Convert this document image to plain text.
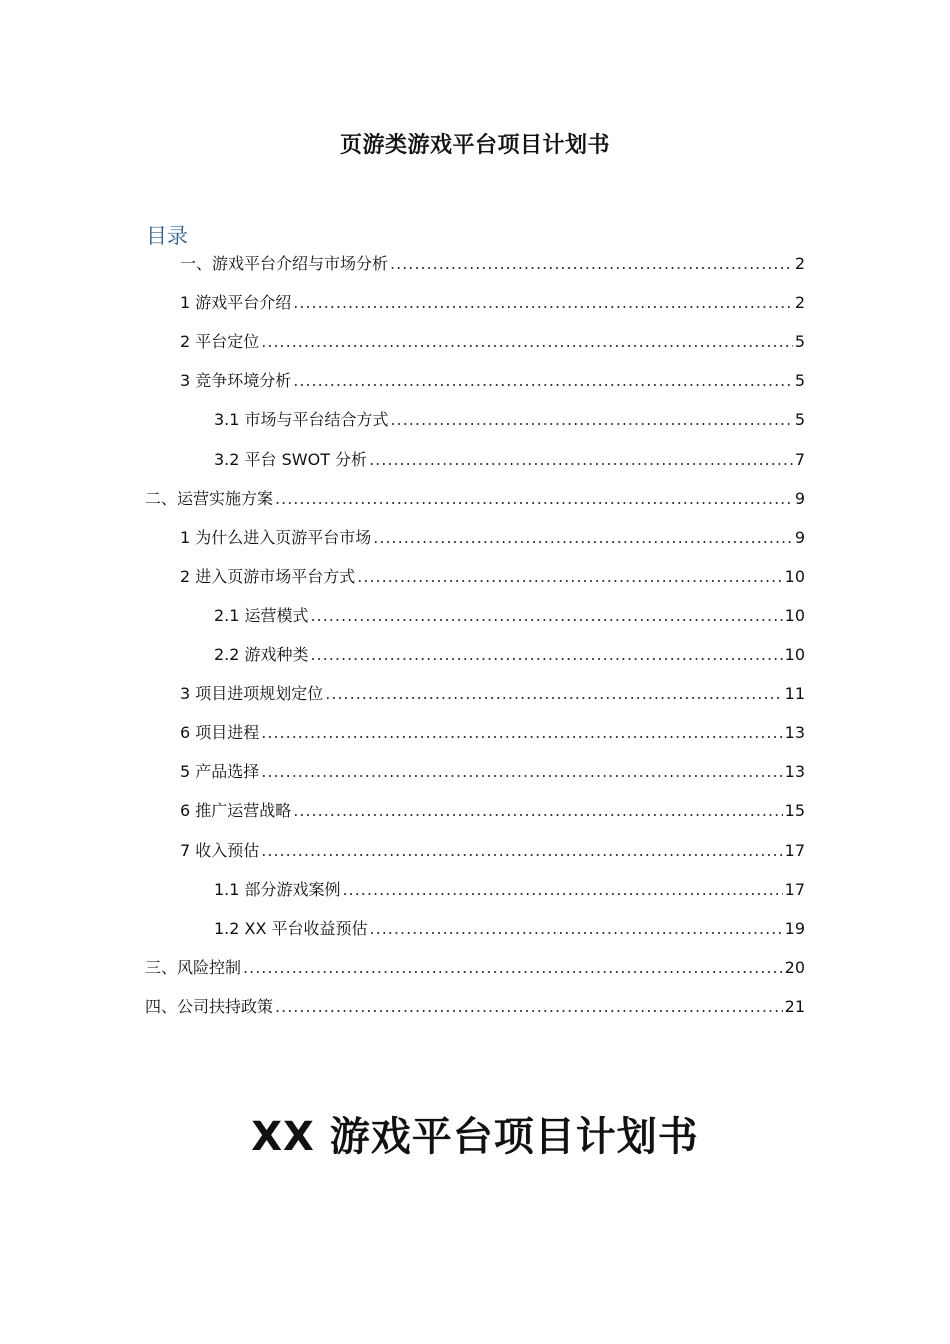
页游类游戏平台项目计划书
目录
一、游戏平台介绍与市场分析 .....	2
1 游戏平台介绍 .....	2
2 平台定位 .....	5
3 竞争环境分析 .....	5
3.1 市场与平台结合方式 .....	5
3.2 平台 SWOT 分析 .....	7
二、运营实施方案 .....	9
1 为什么进入页游平台市场 .....	9
2 进入页游市场平台方式 .....	10
2.1 运营模式 .....	10
2.2 游戏种类 .....	10
3 项目进项规划定位 .....	11
6 项目进程 .....	13
5 产品选择 .....	13
6 推广运营战略 .....	15
7 收入预估 .....	17
1.1 部分游戏案例 .....	17
1.2 XX 平台收益预估 .....	19
三、风险控制 .....	20
四、公司扶持政策 .....	21
XX 游戏平台项目计划书
